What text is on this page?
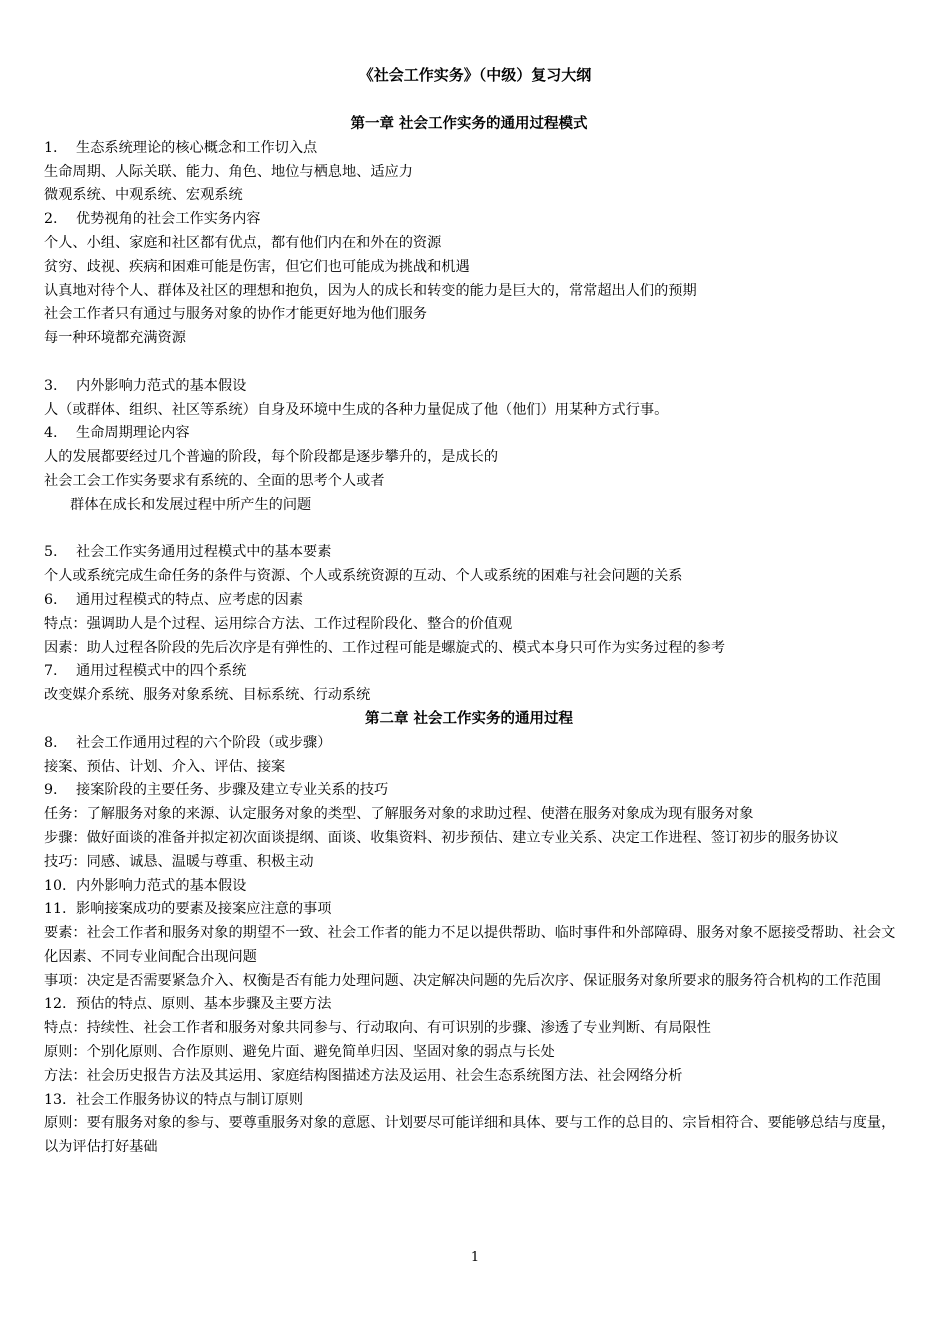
《社会工作实务》（中级）复习大纲
第一章 社会工作实务的通用过程模式
1. 生态系统理论的核心概念和工作切入点
生命周期、人际关联、能力、角色、地位与栖息地、适应力
微观系统、中观系统、宏观系统
2. 优势视角的社会工作实务内容
个人、小组、家庭和社区都有优点，都有他们内在和外在的资源
贫穷、歧视、疾病和困难可能是伤害，但它们也可能成为挑战和机遇
认真地对待个人、群体及社区的理想和抱负，因为人的成长和转变的能力是巨大的，常常超出人们的预期
社会工作者只有通过与服务对象的协作才能更好地为他们服务
每一种环境都充满资源
3. 内外影响力范式的基本假设
人（或群体、组织、社区等系统）自身及环境中生成的各种力量促成了他（他们）用某种方式行事。
4. 生命周期理论内容
人的发展都要经过几个普遍的阶段，每个阶段都是逐步攀升的，是成长的
社会工会工作实务要求有系统的、全面的思考个人或者
群体在成长和发展过程中所产生的问题
5. 社会工作实务通用过程模式中的基本要素
个人或系统完成生命任务的条件与资源、个人或系统资源的互动、个人或系统的困难与社会问题的关系
6. 通用过程模式的特点、应考虑的因素
特点：强调助人是个过程、运用综合方法、工作过程阶段化、整合的价值观
因素：助人过程各阶段的先后次序是有弹性的、工作过程可能是螺旋式的、模式本身只可作为实务过程的参考
7. 通用过程模式中的四个系统
改变媒介系统、服务对象系统、目标系统、行动系统
第二章 社会工作实务的通用过程
8. 社会工作通用过程的六个阶段（或步骤）
接案、预估、计划、介入、评估、接案
9. 接案阶段的主要任务、步骤及建立专业关系的技巧
任务：了解服务对象的来源、认定服务对象的类型、了解服务对象的求助过程、使潜在服务对象成为现有服务对象
步骤：做好面谈的准备并拟定初次面谈提纲、面谈、收集资料、初步预估、建立专业关系、决定工作进程、签订初步的服务协议
技巧：同感、诚恳、温暖与尊重、积极主动
10. 内外影响力范式的基本假设
11. 影响接案成功的要素及接案应注意的事项
要素：社会工作者和服务对象的期望不一致、社会工作者的能力不足以提供帮助、临时事件和外部障碍、服务对象不愿接受帮助、社会文化因素、不同专业间配合出现问题
事项：决定是否需要紧急介入、权衡是否有能力处理问题、决定解决问题的先后次序、保证服务对象所要求的服务符合机构的工作范围
12. 预估的特点、原则、基本步骤及主要方法
特点：持续性、社会工作者和服务对象共同参与、行动取向、有可识别的步骤、渗透了专业判断、有局限性
原则：个别化原则、合作原则、避免片面、避免简单归因、坚固对象的弱点与长处
方法：社会历史报告方法及其运用、家庭结构图描述方法及运用、社会生态系统图方法、社会网络分析
13. 社会工作服务协议的特点与制订原则
原则：要有服务对象的参与、要尊重服务对象的意愿、计划要尽可能详细和具体、要与工作的总目的、宗旨相符合、要能够总结与度量，以为评估打好基础
1
